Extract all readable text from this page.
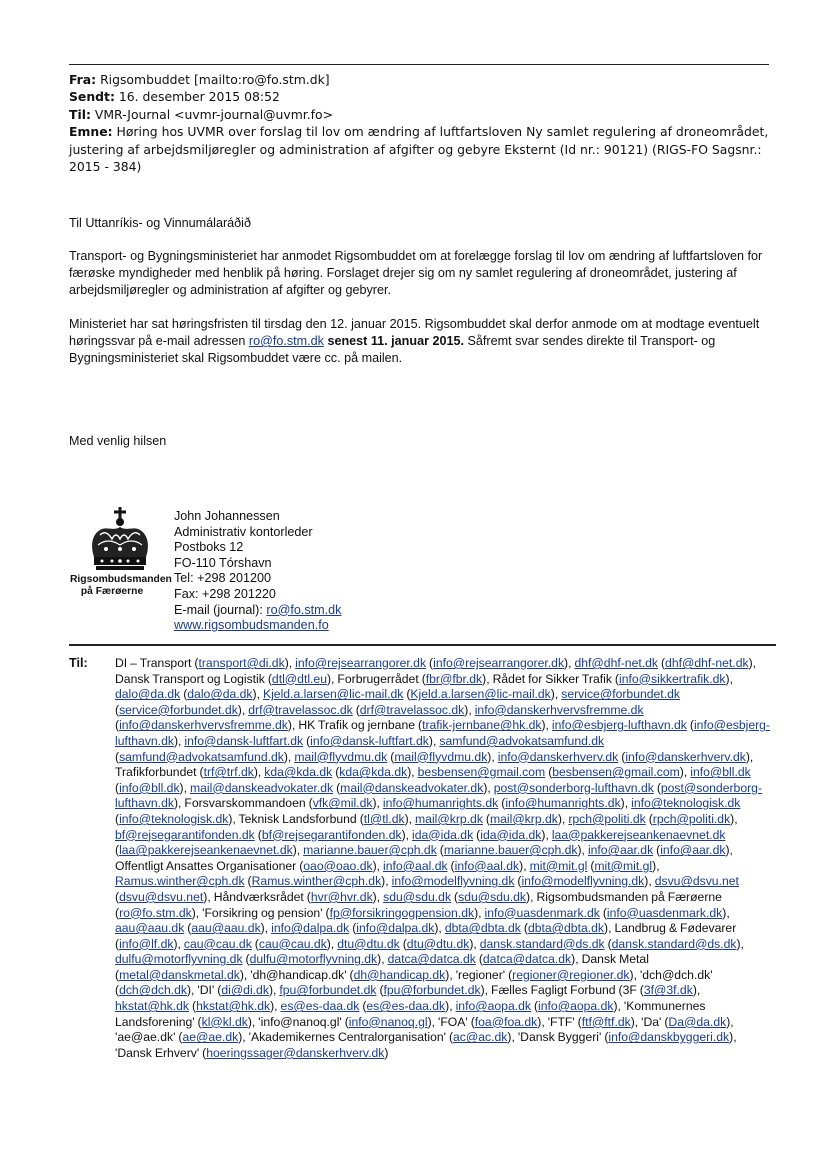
Fra: Rigsombuddet [mailto:ro@fo.stm.dk]
Sendt: 16. desember 2015 08:52
Til: VMR-Journal <uvmr-journal@uvmr.fo>
Emne: Høring hos UVMR over forslag til lov om ændring af luftfartsloven Ny samlet regulering af droneområdet, justering af arbejdsmiljøregler og administration af afgifter og gebyre Eksternt (Id nr.: 90121) (RIGS-FO Sagsnr.: 2015 - 384)
Til Uttanríkis- og Vinnumálaráðið
Transport- og Bygningsministeriet har anmodet Rigsombuddet om at forelægge forslag til lov om ændring af luftfartsloven for færøske myndigheder med henblik på høring. Forslaget drejer sig om ny samlet regulering af droneområdet, justering af arbejdsmiljøregler og administration af afgifter og gebyrer.
Ministeriet har sat høringsfristen til tirsdag den 12. januar 2015. Rigsombuddet skal derfor anmode om at modtage eventuelt høringssvar på e-mail adressen ro@fo.stm.dk senest 11. januar 2015. Såfremt svar sendes direkte til Transport- og Bygningsministeriet skal Rigsombuddet være cc. på mailen.
Med venlig hilsen
Rigsombudsmanden
på Færøerne
John Johannessen
Administrativ kontorleder
Postboks 12
FO-110 Tórshavn
Tel: +298 201200
Fax: +298 201220
E-mail (journal): ro@fo.stm.dk
www.rigsombudsmanden.fo
Til: DI – Transport (transport@di.dk), info@rejsearrangorer.dk (info@rejsearrangorer.dk), dhf@dhf-net.dk (dhf@dhf-net.dk), Dansk Transport og Logistik (dtl@dtl.eu), Forbrugerrådet (fbr@fbr.dk), Rådet for Sikker Trafik (info@sikkertrafik.dk), dalo@da.dk (dalo@da.dk), Kjeld.a.larsen@lic-mail.dk (Kjeld.a.larsen@lic-mail.dk), service@forbundet.dk (service@forbundet.dk), drf@travelassoc.dk (drf@travelassoc.dk), info@danskerhvervsfremme.dk (info@danskerhvervsfremme.dk), HK Trafik og jernbane (trafik-jernbane@hk.dk), info@esbjerg-lufthavn.dk (info@esbjerg-lufthavn.dk), info@dansk-luftfart.dk (info@dansk-luftfart.dk), samfund@advokatsamfund.dk (samfund@advokatsamfund.dk), mail@flyvdmu.dk (mail@flyvdmu.dk), info@danskerhverv.dk (info@danskerhverv.dk), Trafikforbundet (trf@trf.dk), kda@kda.dk (kda@kda.dk), besbensen@gmail.com (besbensen@gmail.com), info@bll.dk (info@bll.dk), mail@danskeadvokater.dk (mail@danskeadvokater.dk), post@sonderborg-lufthavn.dk (post@sonderborg-lufthavn.dk), Forsvarskommandoen (vfk@mil.dk), info@humanrights.dk (info@humanrights.dk), info@teknologisk.dk (info@teknologisk.dk), Teknisk Landsforbund (tl@tl.dk), mail@krp.dk (mail@krp.dk), rpch@politi.dk (rpch@politi.dk), bf@rejsegarantifonden.dk (bf@rejsegarantifonden.dk), ida@ida.dk (ida@ida.dk), laa@pakkerejseankenaevnet.dk (laa@pakkerejseankenaevnet.dk), marianne.bauer@cph.dk (marianne.bauer@cph.dk), info@aar.dk (info@aar.dk), Offentligt Ansattes Organisationer (oao@oao.dk), info@aal.dk (info@aal.dk), mit@mit.gl (mit@mit.gl), Ramus.winther@cph.dk (Ramus.winther@cph.dk), info@modelflyvning.dk (info@modelflyvning.dk), dsvu@dsvu.net (dsvu@dsvu.net), Håndværksrådet (hvr@hvr.dk), sdu@sdu.dk (sdu@sdu.dk), Rigsombudsmanden på Færøerne (ro@fo.stm.dk), 'Forsikring og pension' (fp@forsikringogpension.dk), info@uasdenmark.dk (info@uasdenmark.dk), aau@aau.dk (aau@aau.dk), info@dalpa.dk (info@dalpa.dk), dbta@dbta.dk (dbta@dbta.dk), Landbrug & Fødevarer (info@lf.dk), cau@cau.dk (cau@cau.dk), dtu@dtu.dk (dtu@dtu.dk), dansk.standard@ds.dk (dansk.standard@ds.dk), dulfu@motorflyvning.dk (dulfu@motorflyvning.dk), datca@datca.dk (datca@datca.dk), Dansk Metal (metal@danskmetal.dk), 'dh@handicap.dk' (dh@handicap.dk), 'regioner' (regioner@regioner.dk), 'dch@dch.dk' (dch@dch.dk), 'DI' (di@di.dk), fpu@forbundet.dk (fpu@forbundet.dk), Fælles Fagligt Forbund (3F (3f@3f.dk), hkstat@hk.dk (hkstat@hk.dk), es@es-daa.dk (es@es-daa.dk), info@aopa.dk (info@aopa.dk), 'Kommunernes Landsforening' (kl@kl.dk), 'info@nanoq.gl' (info@nanoq.gl), 'FOA' (foa@foa.dk), 'FTF' (ftf@ftf.dk), 'Da' (Da@da.dk), 'ae@ae.dk' (ae@ae.dk), 'Akademikernes Centralorganisation' (ac@ac.dk), 'Dansk Byggeri' (info@danskbyggeri.dk), 'Dansk Erhverv' (hoeringssager@danskerhverv.dk)
